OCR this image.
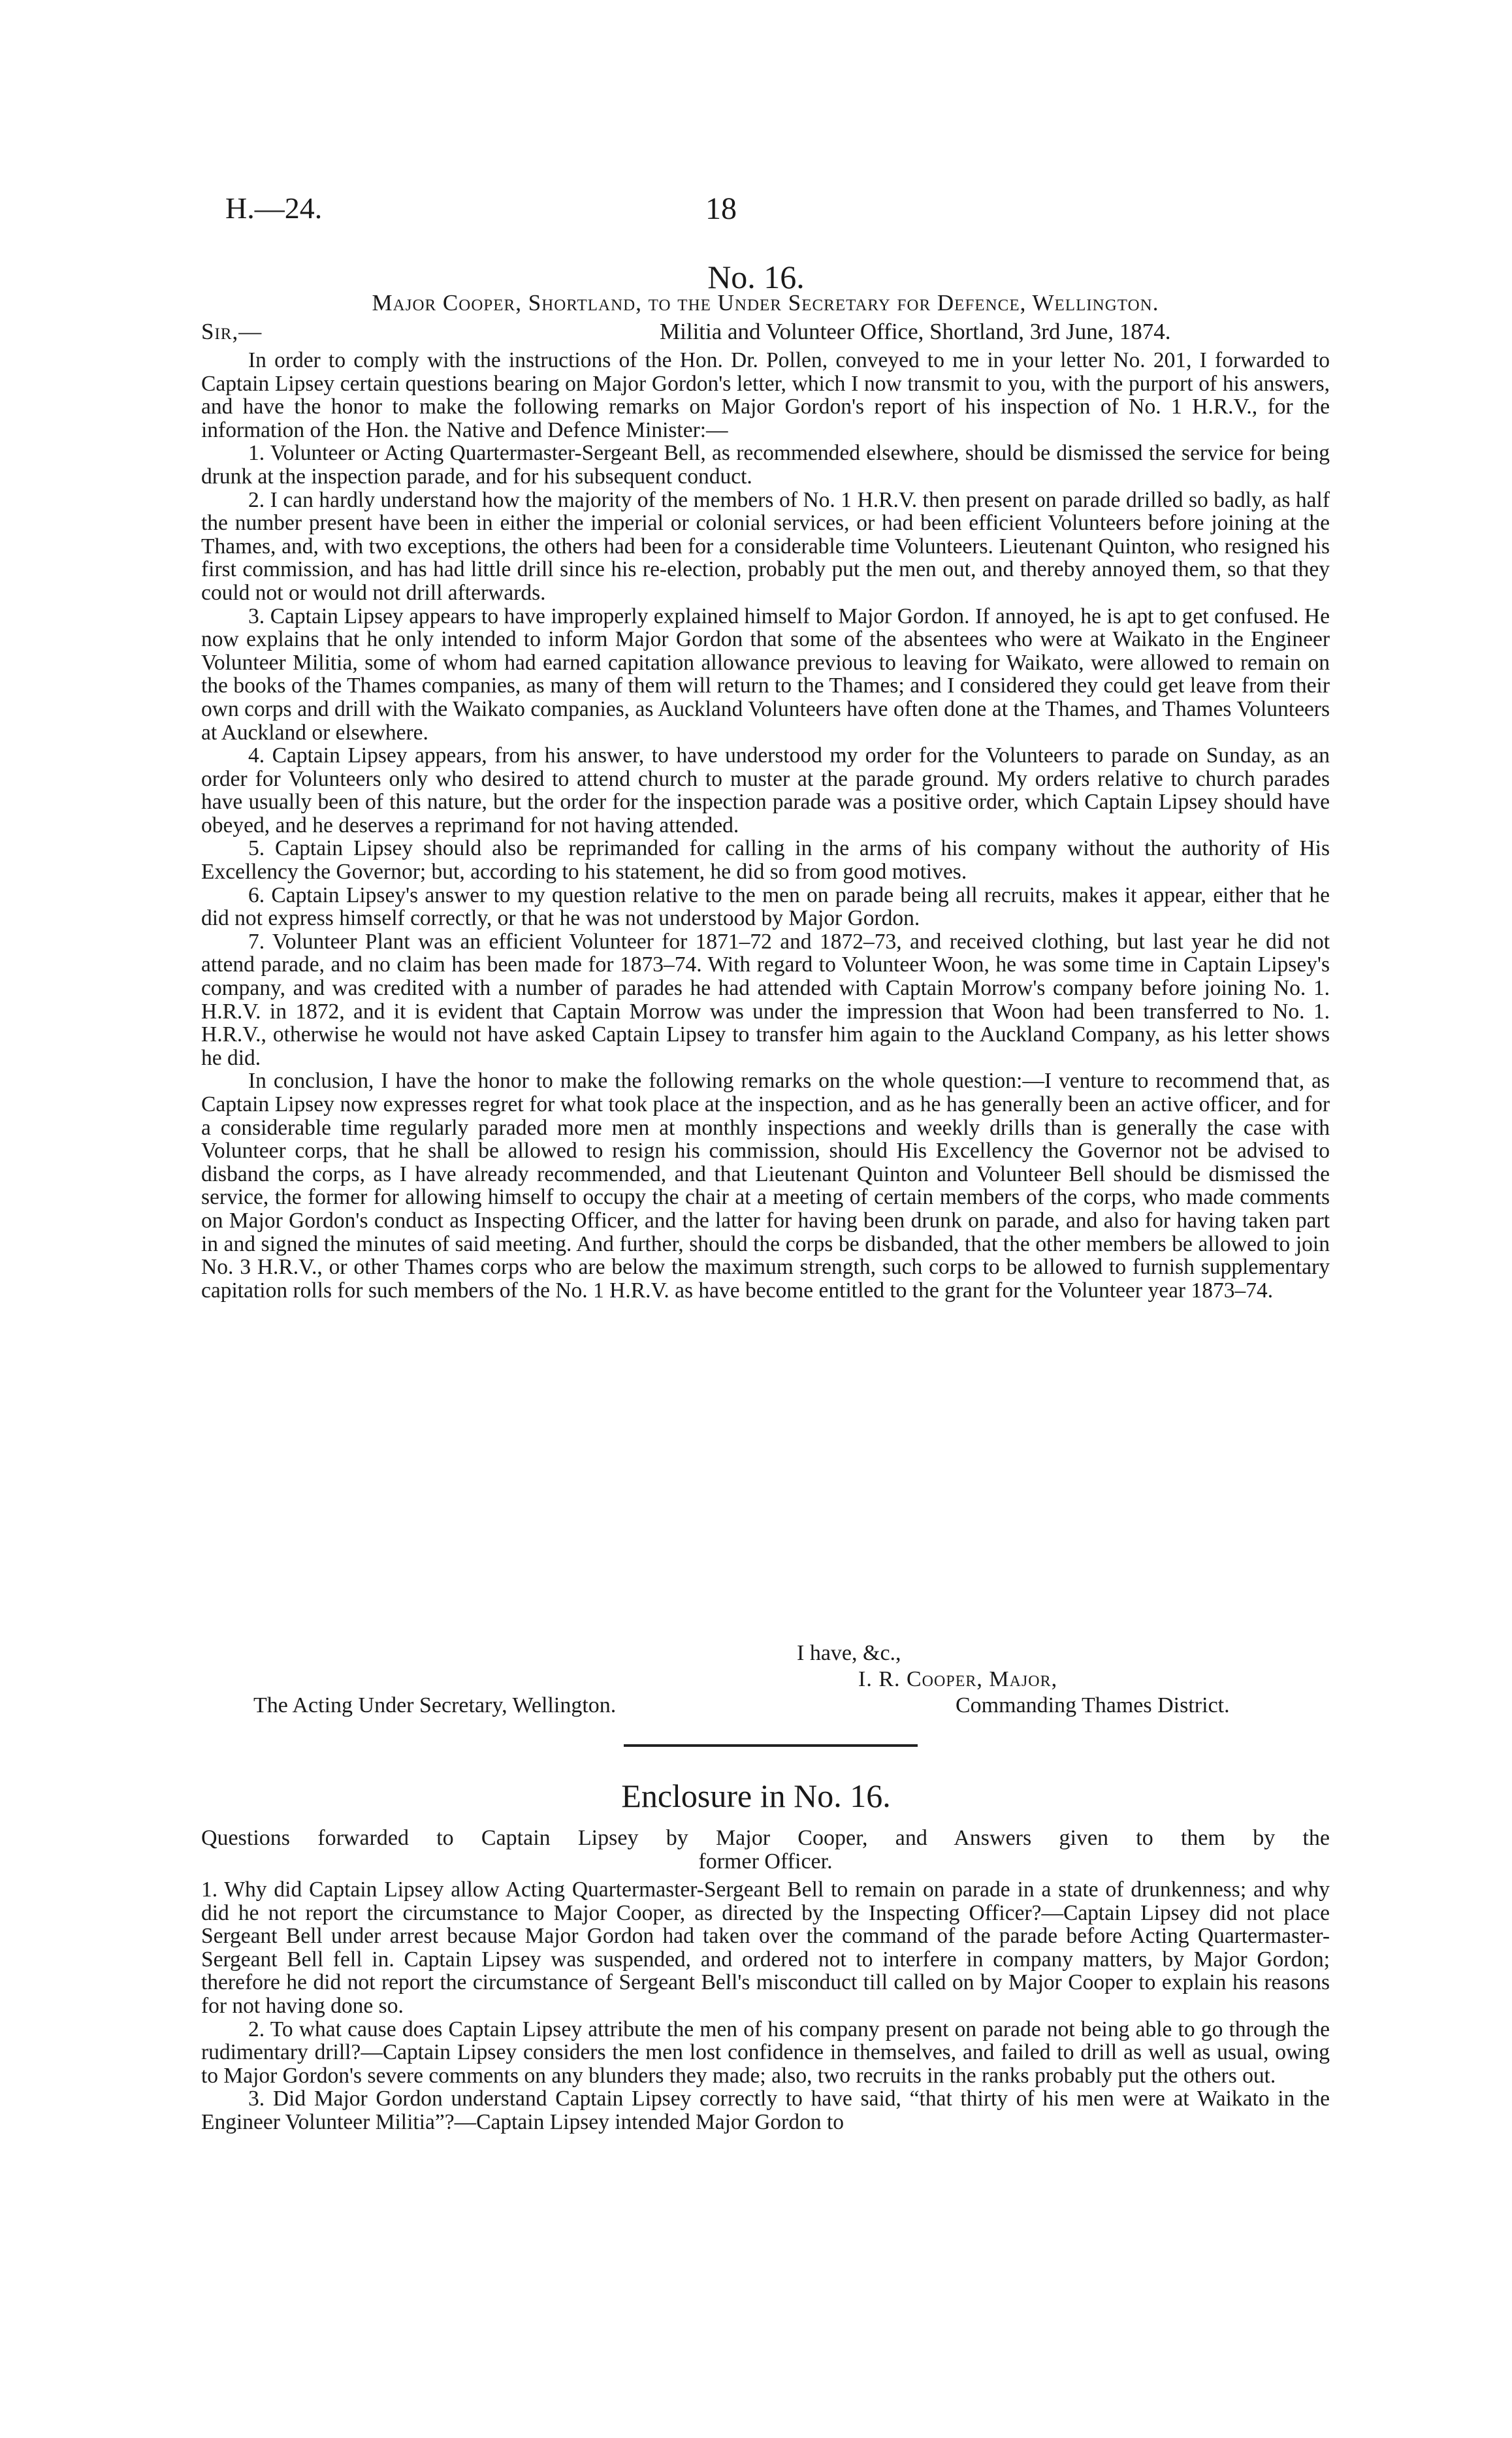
H.—24.	18
No. 16.
Major Cooper, Shortland, to the Under Secretary for Defence, Wellington.
Sir,—	Militia and Volunteer Office, Shortland, 3rd June, 1874.

In order to comply with the instructions of the Hon. Dr. Pollen, conveyed to me in your letter No. 201, I forwarded to Captain Lipsey certain questions bearing on Major Gordon's letter, which I now transmit to you, with the purport of his answers, and have the honor to make the following remarks on Major Gordon's report of his inspection of No. 1 H.R.V., for the information of the Hon. the Native and Defence Minister:—

1. Volunteer or Acting Quartermaster-Sergeant Bell, as recommended elsewhere, should be dismissed the service for being drunk at the inspection parade, and for his subsequent conduct.

2. I can hardly understand how the majority of the members of No. 1 H.R.V. then present on parade drilled so badly, as half the number present have been in either the imperial or colonial services, or had been efficient Volunteers before joining at the Thames, and, with two exceptions, the others had been for a considerable time Volunteers. Lieutenant Quinton, who resigned his first commission, and has had little drill since his re-election, probably put the men out, and thereby annoyed them, so that they could not or would not drill afterwards.

3. Captain Lipsey appears to have improperly explained himself to Major Gordon. If annoyed, he is apt to get confused. He now explains that he only intended to inform Major Gordon that some of the absentees who were at Waikato in the Engineer Volunteer Militia, some of whom had earned capitation allowance previous to leaving for Waikato, were allowed to remain on the books of the Thames companies, as many of them will return to the Thames; and I considered they could get leave from their own corps and drill with the Waikato companies, as Auckland Volunteers have often done at the Thames, and Thames Volunteers at Auckland or elsewhere.

4. Captain Lipsey appears, from his answer, to have understood my order for the Volunteers to parade on Sunday, as an order for Volunteers only who desired to attend church to muster at the parade ground. My orders relative to church parades have usually been of this nature, but the order for the inspection parade was a positive order, which Captain Lipsey should have obeyed, and he deserves a reprimand for not having attended.

5. Captain Lipsey should also be reprimanded for calling in the arms of his company without the authority of His Excellency the Governor; but, according to his statement, he did so from good motives.

6. Captain Lipsey's answer to my question relative to the men on parade being all recruits, makes it appear, either that he did not express himself correctly, or that he was not understood by Major Gordon.

7. Volunteer Plant was an efficient Volunteer for 1871–72 and 1872–73, and received clothing, but last year he did not attend parade, and no claim has been made for 1873–74. With regard to Volunteer Woon, he was some time in Captain Lipsey's company, and was credited with a number of parades he had attended with Captain Morrow's company before joining No. 1. H.R.V. in 1872, and it is evident that Captain Morrow was under the impression that Woon had been transferred to No. 1. H.R.V., otherwise he would not have asked Captain Lipsey to transfer him again to the Auckland Company, as his letter shows he did.

In conclusion, I have the honor to make the following remarks on the whole question:—I venture to recommend that, as Captain Lipsey now expresses regret for what took place at the inspection, and as he has generally been an active officer, and for a considerable time regularly paraded more men at monthly inspections and weekly drills than is generally the case with Volunteer corps, that he shall be allowed to resign his commission, should His Excellency the Governor not be advised to disband the corps, as I have already recommended, and that Lieutenant Quinton and Volunteer Bell should be dismissed the service, the former for allowing himself to occupy the chair at a meeting of certain members of the corps, who made comments on Major Gordon's conduct as Inspecting Officer, and the latter for having been drunk on parade, and also for having taken part in and signed the minutes of said meeting. And further, should the corps be disbanded, that the other members be allowed to join No. 3 H.R.V., or other Thames corps who are below the maximum strength, such corps to be allowed to furnish supplementary capitation rolls for such members of the No. 1 H.R.V. as have become entitled to the grant for the Volunteer year 1873–74.

I have, &c.,
I. R. Cooper, Major,
The Acting Under Secretary, Wellington.	Commanding Thames District.
Enclosure in No. 16.
Questions forwarded to Captain Lipsey by Major Cooper, and Answers given to them by the
former Officer.

1. Why did Captain Lipsey allow Acting Quartermaster-Sergeant Bell to remain on parade in a state of drunkenness; and why did he not report the circumstance to Major Cooper, as directed by the Inspecting Officer?—Captain Lipsey did not place Sergeant Bell under arrest because Major Gordon had taken over the command of the parade before Acting Quartermaster-Sergeant Bell fell in. Captain Lipsey was suspended, and ordered not to interfere in company matters, by Major Gordon; therefore he did not report the circumstance of Sergeant Bell's misconduct till called on by Major Cooper to explain his reasons for not having done so.

2. To what cause does Captain Lipsey attribute the men of his company present on parade not being able to go through the rudimentary drill?—Captain Lipsey considers the men lost confidence in themselves, and failed to drill as well as usual, owing to Major Gordon's severe comments on any blunders they made; also, two recruits in the ranks probably put the others out.

3. Did Major Gordon understand Captain Lipsey correctly to have said, “that thirty of his men were at Waikato in the Engineer Volunteer Militia”?—Captain Lipsey intended Major Gordon to
